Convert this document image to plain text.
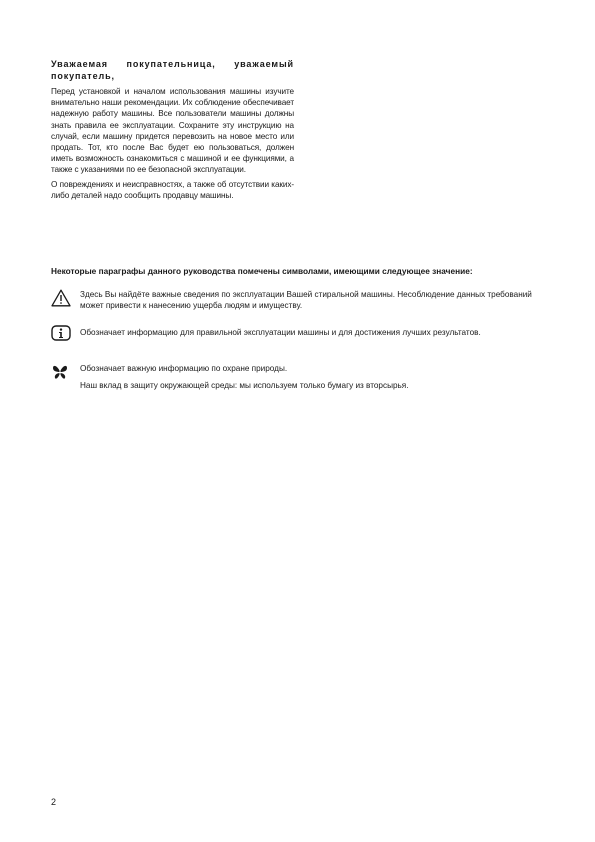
Уважаемая покупательница, уважаемый покупатель,

Перед установкой и началом использования машины изучите внимательно наши рекомендации. Их соблюдение обеспечивает надежную работу машины. Все пользователи машины должны знать правила ее эксплуатации. Сохраните эту инструкцию на случай, если машину придется перевозить на новое место или продать. Тот, кто после Вас будет ею пользоваться, должен иметь возможность ознакомиться с машиной и ее функциями, а также с указаниями по ее безопасной эксплуатации.

О повреждениях и неисправностях, а также об отсутствии каких-либо деталей надо сообщить продавцу машины.

Некоторые параграфы данного руководства помечены символами, имеющими следующее значение:

Здесь Вы найдёте важные сведения по эксплуатации Вашей стиральной машины. Несоблюдение данных требований может привести к нанесению ущерба людям и имуществу.

Обозначает информацию для правильной эксплуатации машины и для достижения лучших результатов.

Обозначает важную информацию по охране природы.

Наш вклад в защиту окружающей среды: мы используем только бумагу из вторсырья.

2
